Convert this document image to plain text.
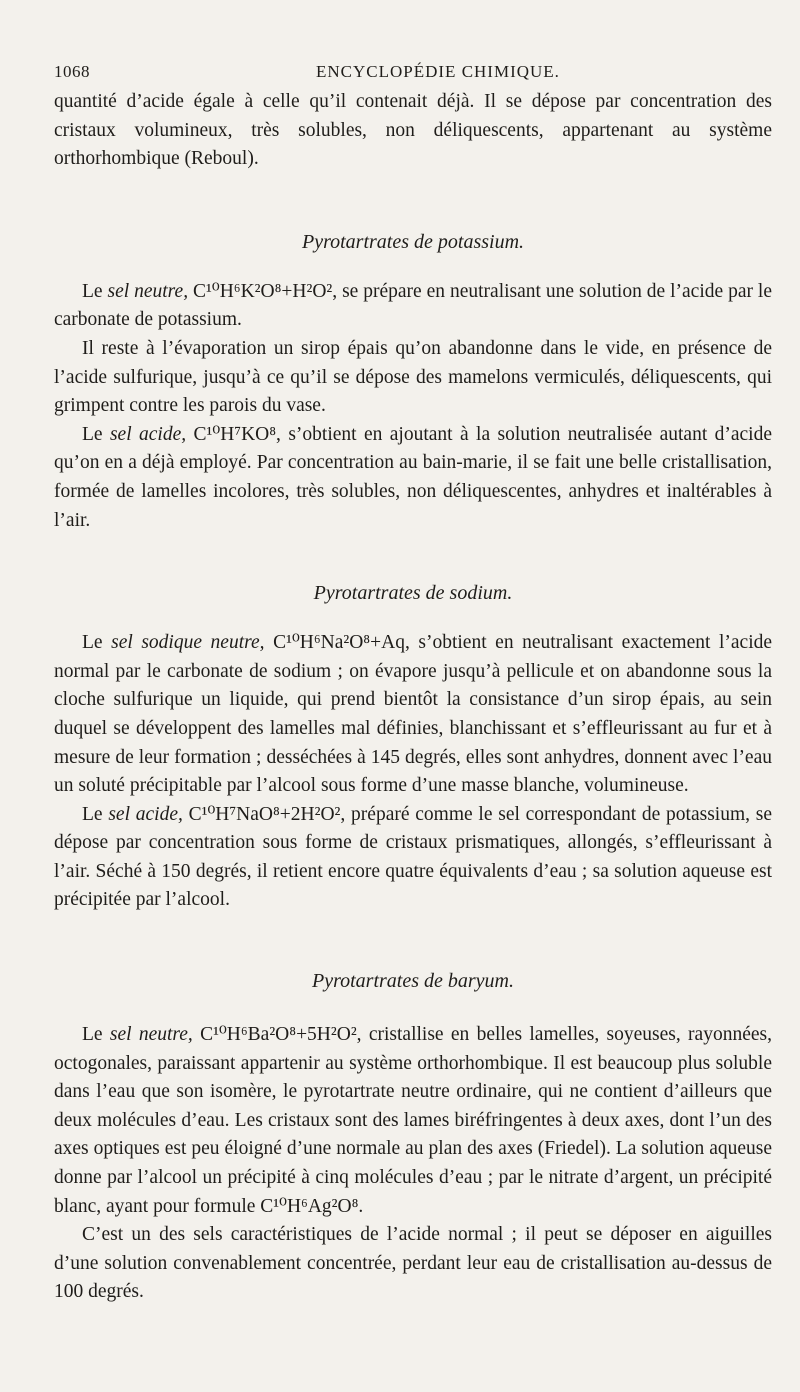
1068	ENCYCLOPÉDIE CHIMIQUE.

quantité d’acide égale à celle qu’il contenait déjà. Il se dépose par concentration des cristaux volumineux, très solubles, non déliquescents, appartenant au système orthorhombique (Reboul).

Pyrotartrates de potassium.

Le sel neutre, C¹⁰H⁶K²O⁸+H²O², se prépare en neutralisant une solution de l’acide par le carbonate de potassium.

Il reste à l’évaporation un sirop épais qu’on abandonne dans le vide, en présence de l’acide sulfurique, jusqu’à ce qu’il se dépose des mamelons vermiculés, déliquescents, qui grimpent contre les parois du vase.

Le sel acide, C¹⁰H⁷KO⁸, s’obtient en ajoutant à la solution neutralisée autant d’acide qu’on en a déjà employé. Par concentration au bain-marie, il se fait une belle cristallisation, formée de lamelles incolores, très solubles, non déliquescentes, anhydres et inaltérables à l’air.

Pyrotartrates de sodium.

Le sel sodique neutre, C¹⁰H⁶Na²O⁸+Aq, s’obtient en neutralisant exactement l’acide normal par le carbonate de sodium ; on évapore jusqu’à pellicule et on abandonne sous la cloche sulfurique un liquide, qui prend bientôt la consistance d’un sirop épais, au sein duquel se développent des lamelles mal définies, blanchissant et s’effleurissant au fur et à mesure de leur formation ; desséchées à 145 degrés, elles sont anhydres, donnent avec l’eau un soluté précipitable par l’alcool sous forme d’une masse blanche, volumineuse.

Le sel acide, C¹⁰H⁷NaO⁸+2H²O², préparé comme le sel correspondant de potassium, se dépose par concentration sous forme de cristaux prismatiques, allongés, s’effleurissant à l’air. Séché à 150 degrés, il retient encore quatre équivalents d’eau ; sa solution aqueuse est précipitée par l’alcool.

Pyrotartrates de baryum.

Le sel neutre, C¹⁰H⁶Ba²O⁸+5H²O², cristallise en belles lamelles, soyeuses, rayonnées, octogonales, paraissant appartenir au système orthorhombique. Il est beaucoup plus soluble dans l’eau que son isomère, le pyrotartrate neutre ordinaire, qui ne contient d’ailleurs que deux molécules d’eau. Les cristaux sont des lames biréfringentes à deux axes, dont l’un des axes optiques est peu éloigné d’une normale au plan des axes (Friedel). La solution aqueuse donne par l’alcool un précipité à cinq molécules d’eau ; par le nitrate d’argent, un précipité blanc, ayant pour formule C¹⁰H⁶Ag²O⁸.

C’est un des sels caractéristiques de l’acide normal ; il peut se déposer en aiguilles d’une solution convenablement concentrée, perdant leur eau de cristallisation au-dessus de 100 degrés.
